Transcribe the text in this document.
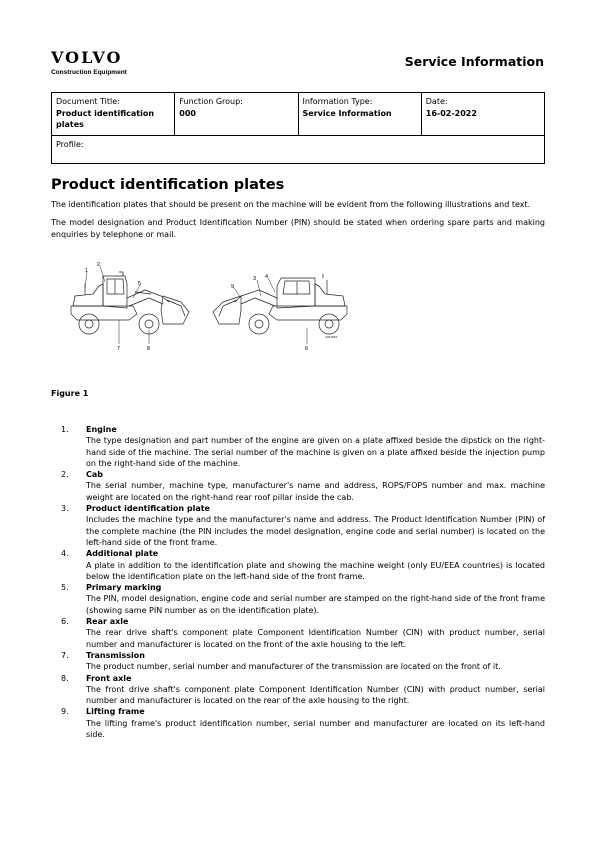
VOLVO
Construction Equipment
Service Information
Document Title:
Product identification plates

Function Group:
000

Information Type:
Service Information

Date:
16-02-2022

Profile:
Product identification plates

The identification plates that should be present on the machine will be evident from the following illustrations and text.

The model designation and Product Identification Number (PIN) should be stated when ordering spare parts and making enquiries by telephone or mail.

1
2
5
7	8
9
3 4
6
V207294

Figure 1

1. Engine
The type designation and part number of the engine are given on a plate affixed beside the dipstick on the right-hand side of the machine. The serial number of the machine is given on a plate affixed beside the injection pump on the right-hand side of the machine.
2. Cab
The serial number, machine type, manufacturer's name and address, ROPS/FOPS number and max. machine weight are located on the right-hand rear roof pillar inside the cab.
3. Product identification plate
Includes the machine type and the manufacturer's name and address. The Product Identification Number (PIN) of the complete machine (the PIN includes the model designation, engine code and serial number) is located on the left-hand side of the front frame.
4. Additional plate
A plate in addition to the identification plate and showing the machine weight (only EU/EEA countries) is located below the identification plate on the left-hand side of the front frame.
5. Primary marking
The PIN, model designation, engine code and serial number are stamped on the right-hand side of the front frame (showing same PIN number as on the identification plate).
6. Rear axle
The rear drive shaft's component plate Component Identification Number (CIN) with product number, serial number and manufacturer is located on the front of the axle housing to the left.
7. Transmission
The product number, serial number and manufacturer of the transmission are located on the front of it.
8. Front axle
The front drive shaft's component plate Component Identification Number (CIN) with product number, serial number and manufacturer is located on the rear of the axle housing to the right.
9. Lifting frame
The lifting frame's product identification number, serial number and manufacturer are located on its left-hand side.
